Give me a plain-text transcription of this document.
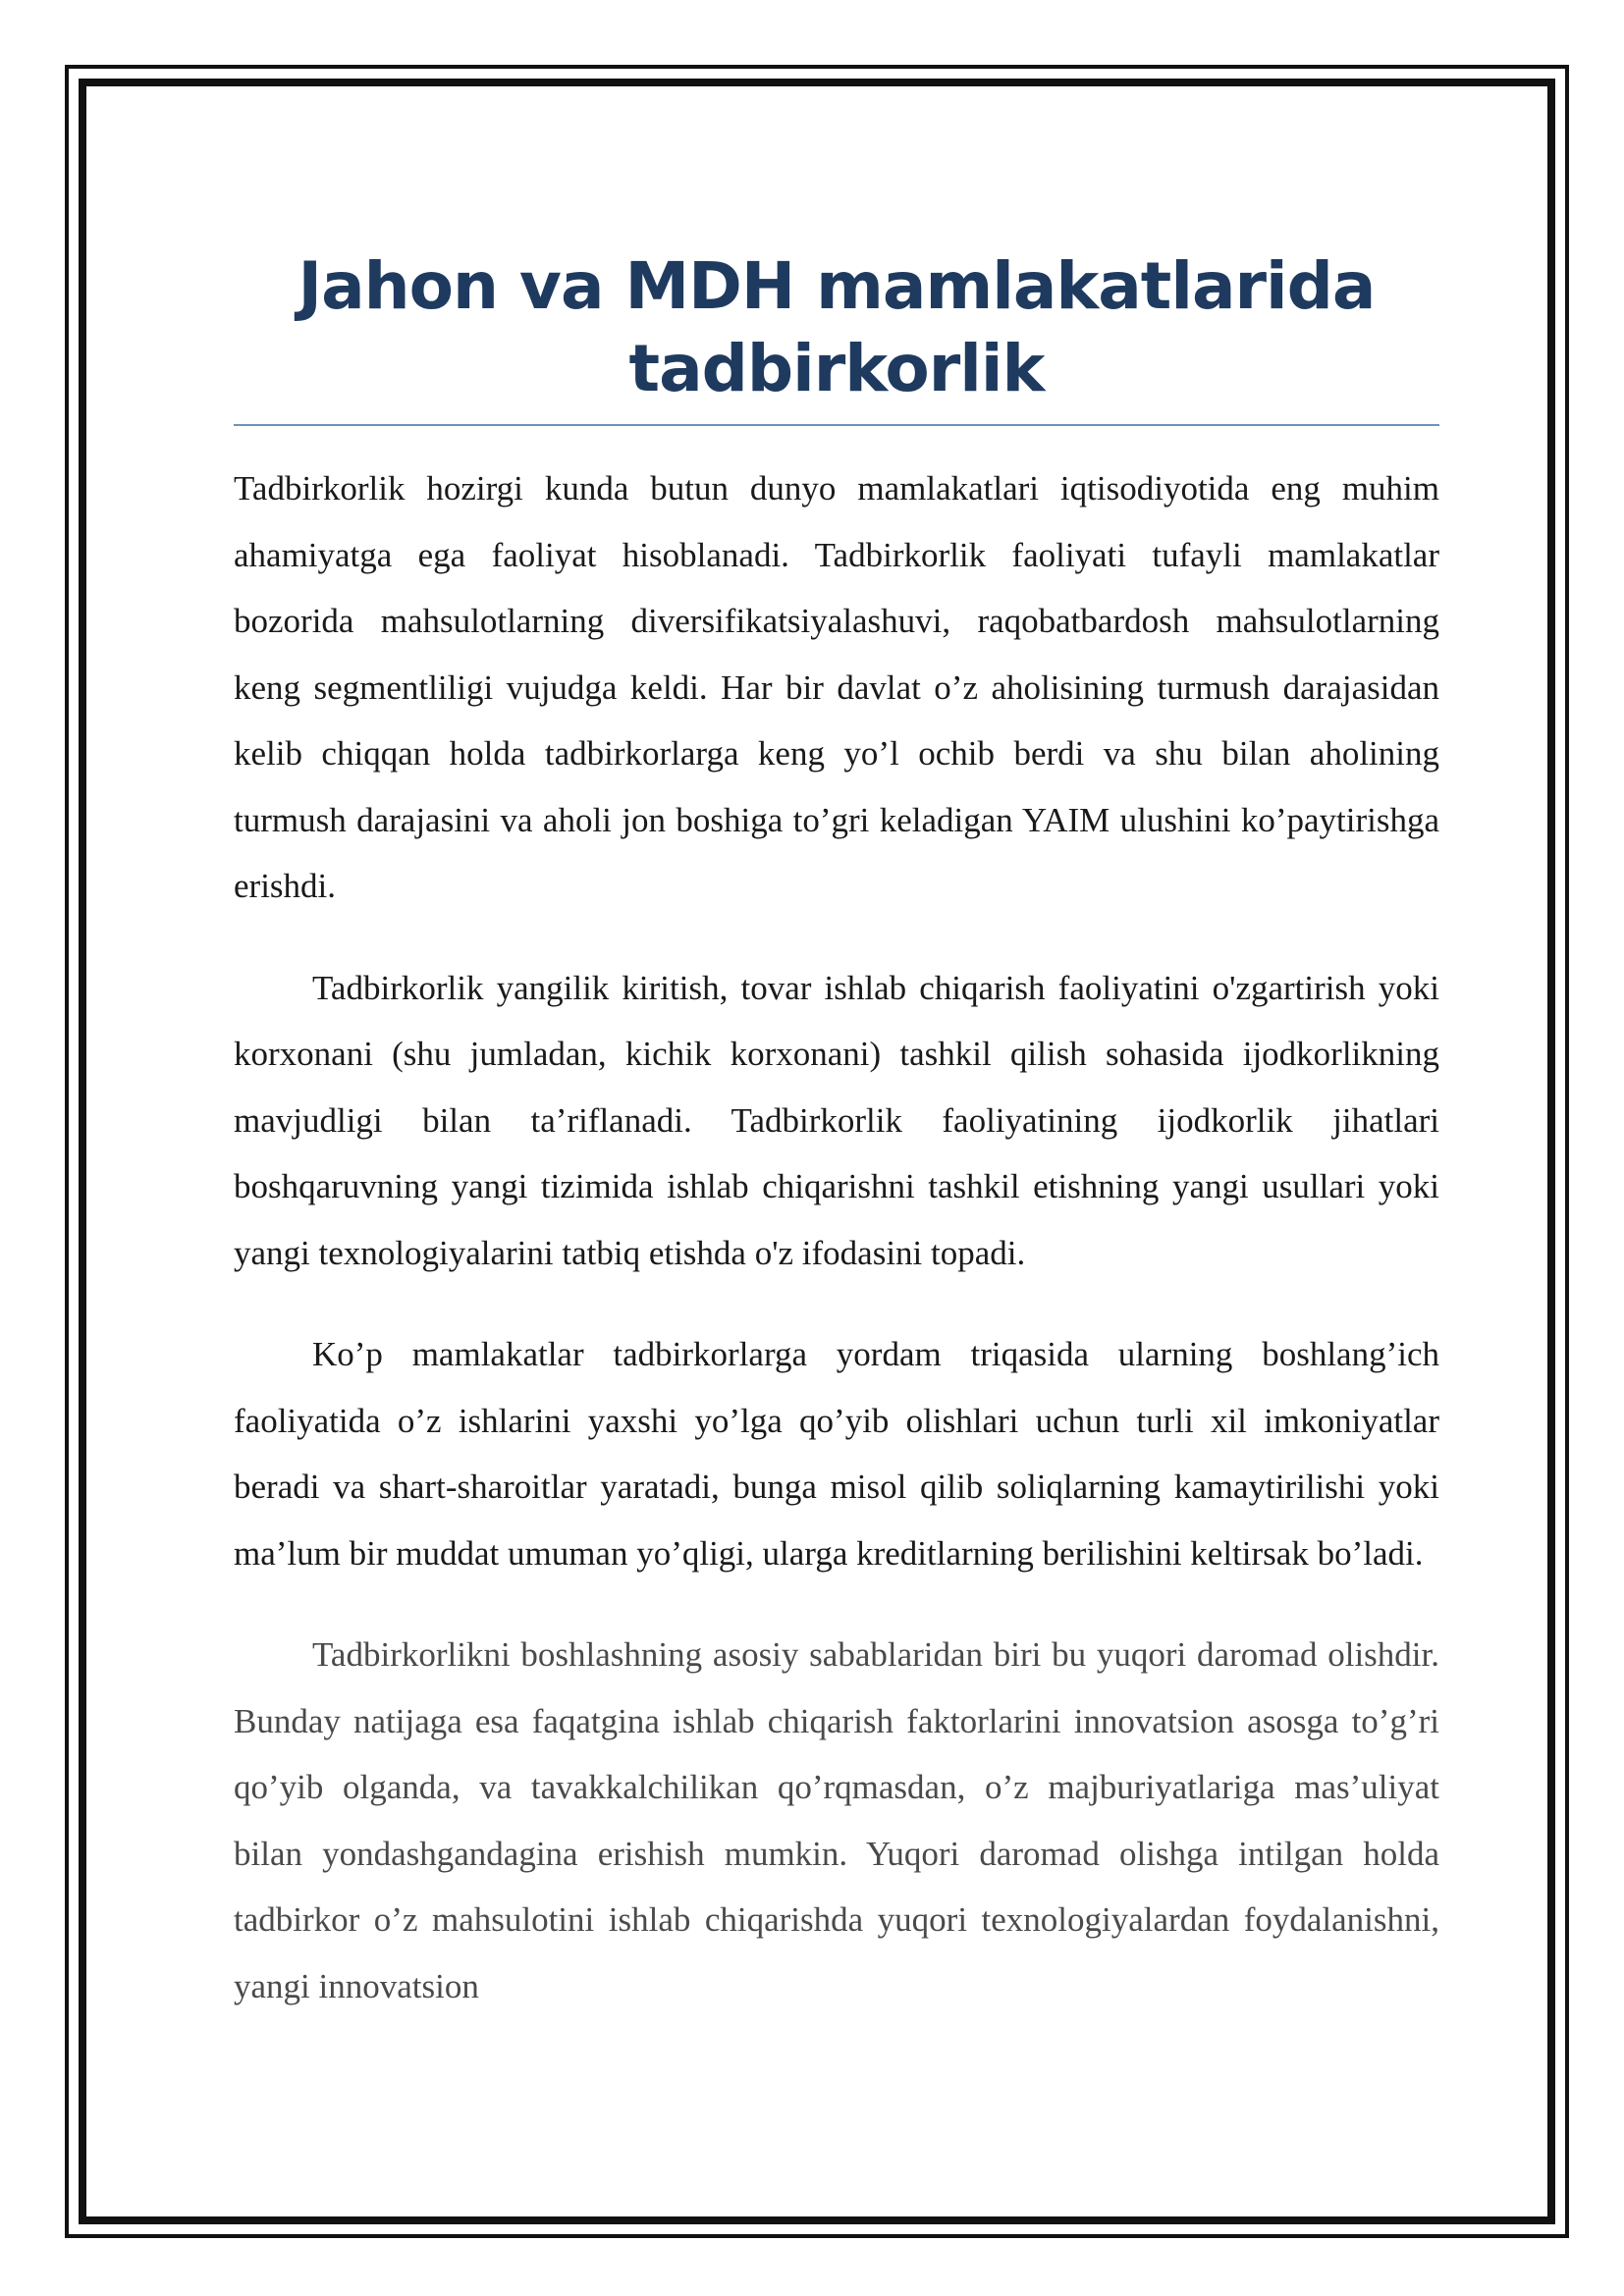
Jahon va MDH mamlakatlarida tadbirkorlik

Tadbirkorlik hozirgi kunda butun dunyo mamlakatlari iqtisodiyotida eng muhim ahamiyatga ega faoliyat hisoblanadi. Tadbirkorlik faoliyati tufayli mamlakatlar bozorida mahsulotlarning diversifikatsiyalashuvi, raqobatbardosh mahsulotlarning keng segmentliligi vujudga keldi. Har bir davlat o’z aholisining turmush darajasidan kelib chiqqan holda tadbirkorlarga keng yo’l ochib berdi va shu bilan aholining turmush darajasini va aholi jon boshiga to’gri keladigan YAIM ulushini ko’paytirishga erishdi.

Tadbirkorlik yangilik kiritish, tovar ishlab chiqarish faoliyatini o'zgartirish yoki korxonani (shu jumladan, kichik korxonani) tashkil qilish sohasida ijodkorlikning mavjudligi bilan ta’riflanadi. Tadbirkorlik faoliyatining ijodkorlik jihatlari boshqaruvning yangi tizimida ishlab chiqarishni tashkil etishning yangi usullari yoki yangi texnologiyalarini tatbiq etishda o'z ifodasini topadi.

Ko’p mamlakatlar tadbirkorlarga yordam triqasida ularning boshlang’ich faoliyatida o’z ishlarini yaxshi yo’lga qo’yib olishlari uchun turli xil imkoniyatlar beradi va shart-sharoitlar yaratadi, bunga misol qilib soliqlarning kamaytirilishi yoki ma’lum bir muddat umuman yo’qligi, ularga kreditlarning berilishini keltirsak bo’ladi.

Tadbirkorlikni boshlashning asosiy sabablaridan biri bu yuqori daromad olishdir. Bunday natijaga esa faqatgina ishlab chiqarish faktorlarini innovatsion asosga to’g’ri qo’yib olganda, va tavakkalchilikan qo’rqmasdan, o’z majburiyatlariga mas’uliyat bilan yondashgandagina erishish mumkin. Yuqori daromad olishga intilgan holda tadbirkor o’z mahsulotini ishlab chiqarishda yuqori texnologiyalardan foydalanishni, yangi innovatsion
